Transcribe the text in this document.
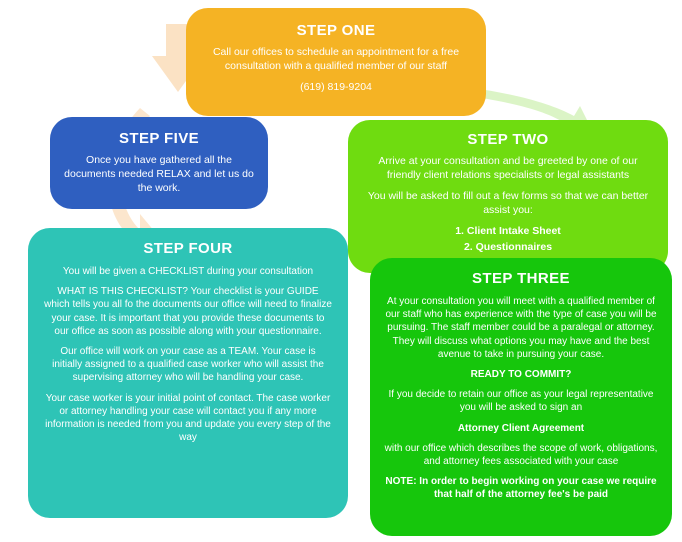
STEP ONE

Call our offices to schedule an appointment for a free consultation with a qualified member of our staff

(619) 819-9204

STEP TWO

Arrive at your consultation and be greeted by one of our friendly client relations specialists or legal assistants

You will be asked to fill out a few forms so that we can better assist you:

1. Client Intake Sheet
2. Questionnaires

STEP THREE

At your consultation you will meet with a qualified member of our staff who has experience with the type of case you will be pursuing. The staff member could be a paralegal or attorney. They will discuss what options you may have and the best avenue to take in pursuing your case.

READY TO COMMIT?

If you decide to retain our office as your legal representative you will be asked to sign an

Attorney Client Agreement

with our office which describes the scope of work, obligations, and attorney fees associated with your case

NOTE: In order to begin working on your case we require that half of the attorney fee's be paid

STEP FOUR

You will be given a CHECKLIST during your consultation

WHAT IS THIS CHECKLIST? Your checklist is your GUIDE which tells you all fo the documents our office will need to finalize your case. It is important that you provide these documents to our office as soon as possible along with your questionnaire.

Our office will work on your case as a TEAM. Your case is initially assigned to a qualified case worker who will assist the supervising attorney who will be handling your case.

Your case worker is your initial point of contact. The case worker or attorney handling your case will contact you if any more information is needed from you and update you every step of the way

STEP FIVE

Once you have gathered all the documents needed RELAX and let us do the work.
